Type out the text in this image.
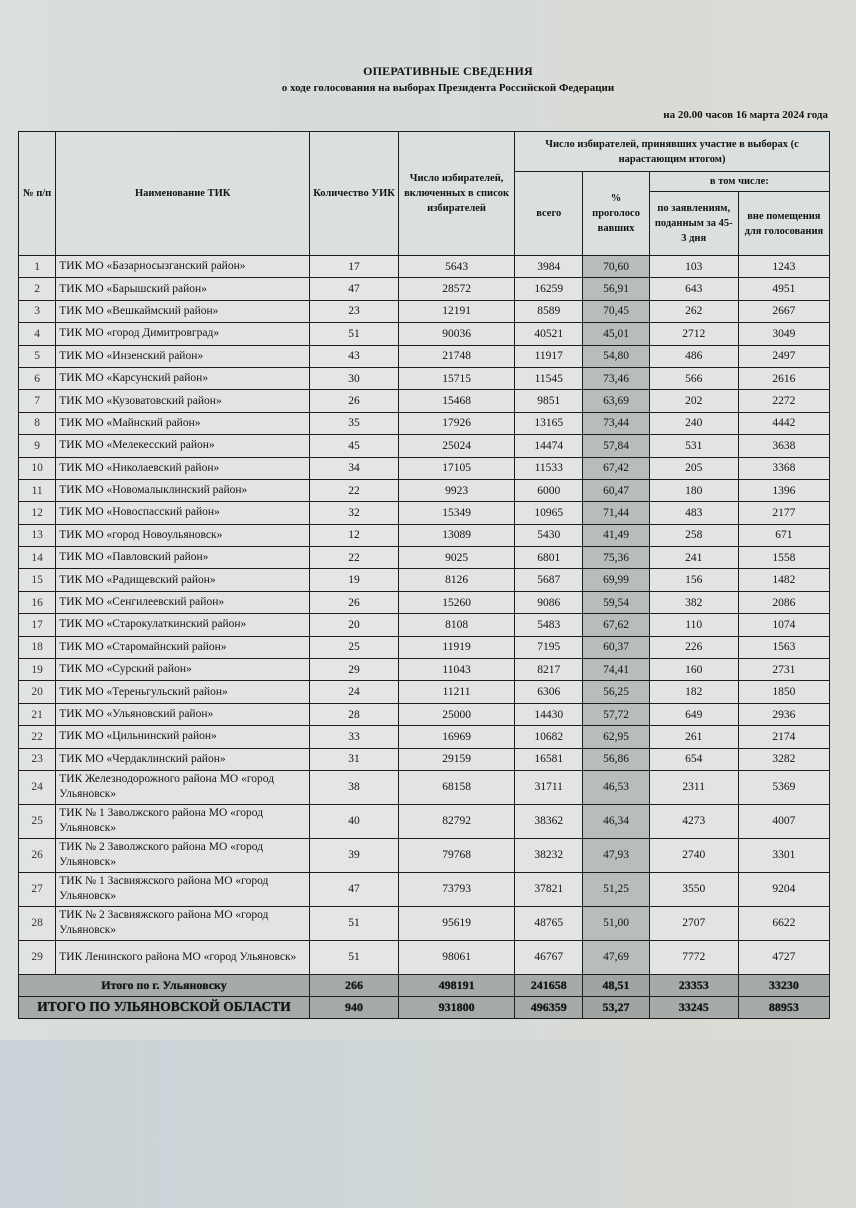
ОПЕРАТИВНЫЕ СВЕДЕНИЯ
о ходе голосования на выборах Президента Российской Федерации
на 20.00 часов 16 марта 2024 года
№ п/п	Наименование ТИК	Количество УИК	Число избирателей, включенных в список избирателей	Число избирателей, принявших участие в выборах (с нарастающим итогом)			
				всего	% проголосо вавших	в том числе:	
						по заявлениям, поданным за 45-3 дня	вне помещения для голосования
1	ТИК МО «Базарносызганский район»	17	5643	3984	70,60	103	1243
2	ТИК МО «Барышский район»	47	28572	16259	56,91	643	4951
3	ТИК МО «Вешкаймский район»	23	12191	8589	70,45	262	2667
4	ТИК МО «город Димитровград»	51	90036	40521	45,01	2712	3049
5	ТИК МО «Инзенский район»	43	21748	11917	54,80	486	2497
6	ТИК МО «Карсунский район»	30	15715	11545	73,46	566	2616
7	ТИК МО «Кузоватовский район»	26	15468	9851	63,69	202	2272
8	ТИК МО «Майнский район»	35	17926	13165	73,44	240	4442
9	ТИК МО «Мелекесский район»	45	25024	14474	57,84	531	3638
10	ТИК МО «Николаевский район»	34	17105	11533	67,42	205	3368
11	ТИК МО «Новомалыклинский район»	22	9923	6000	60,47	180	1396
12	ТИК МО «Новоспасский район»	32	15349	10965	71,44	483	2177
13	ТИК МО «город Новоульяновск»	12	13089	5430	41,49	258	671
14	ТИК МО «Павловский район»	22	9025	6801	75,36	241	1558
15	ТИК МО «Радищевский район»	19	8126	5687	69,99	156	1482
16	ТИК МО «Сенгилеевский район»	26	15260	9086	59,54	382	2086
17	ТИК МО «Старокулаткинский район»	20	8108	5483	67,62	110	1074
18	ТИК МО «Старомайнский район»	25	11919	7195	60,37	226	1563
19	ТИК МО «Сурский район»	29	11043	8217	74,41	160	2731
20	ТИК МО «Тереньгульский район»	24	11211	6306	56,25	182	1850
21	ТИК МО «Ульяновский район»	28	25000	14430	57,72	649	2936
22	ТИК МО «Цильнинский район»	33	16969	10682	62,95	261	2174
23	ТИК МО «Чердаклинский район»	31	29159	16581	56,86	654	3282
24	ТИК Железнодорожного района МО «город Ульяновск»	38	68158	31711	46,53	2311	5369
25	ТИК № 1 Заволжского района МО «город Ульяновск»	40	82792	38362	46,34	4273	4007
26	ТИК № 2 Заволжского района МО «город Ульяновск»	39	79768	38232	47,93	2740	3301
27	ТИК № 1 Засвияжского района МО «город Ульяновск»	47	73793	37821	51,25	3550	9204
28	ТИК № 2 Засвияжского района МО «город Ульяновск»	51	95619	48765	51,00	2707	6622
29	ТИК Ленинского района МО «город Ульяновск»	51	98061	46767	47,69	7772	4727
Итого по г. Ульяновску		266	498191	241658	48,51	23353	33230
ИТОГО ПО УЛЬЯНОВСКОЙ ОБЛАСТИ		940	931800	496359	53,27	33245	88953
